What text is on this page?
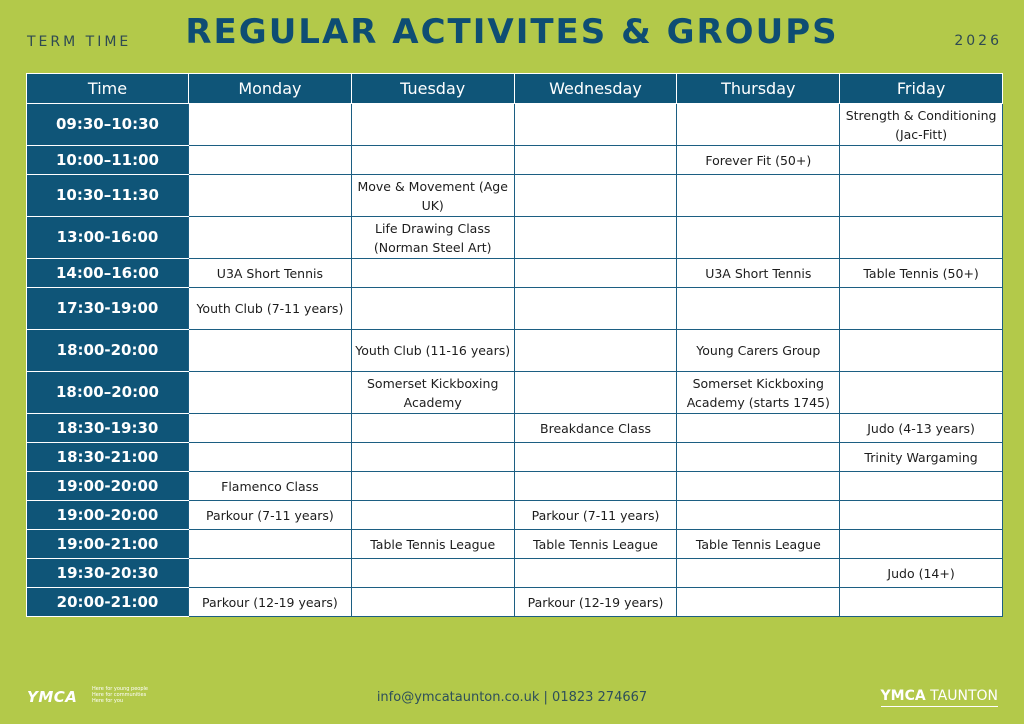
TERM TIME	REGULAR ACTIVITES & GROUPS	2026
Time	Monday	Tuesday	Wednesday	Thursday	Friday
09:30–10:30					Strength & Conditioning (Jac-Fitt)
10:00–11:00				Forever Fit (50+)	
10:30–11:30		Move & Movement (Age UK)			
13:00-16:00		Life Drawing Class (Norman Steel Art)			
14:00–16:00	U3A Short Tennis			U3A Short Tennis	Table Tennis (50+)
17:30-19:00	Youth Club (7-11 years)				
18:00-20:00		Youth Club (11-16 years)		Young Carers Group	
18:00–20:00		Somerset Kickboxing Academy		Somerset Kickboxing Academy (starts 1745)	
18:30-19:30			Breakdance Class		Judo (4-13 years)
18:30-21:00					Trinity Wargaming
19:00-20:00	Flamenco Class				
19:00-20:00	Parkour (7-11 years)		Parkour (7-11 years)		
19:00-21:00		Table Tennis League	Table Tennis League	Table Tennis League	
19:30-20:30					Judo (14+)
20:00-21:00	Parkour (12-19 years)		Parkour (12-19 years)		
YMCA	Here for young people
Here for communities
Here for you	info@ymcataunton.co.uk | 01823 274667	YMCA TAUNTON
